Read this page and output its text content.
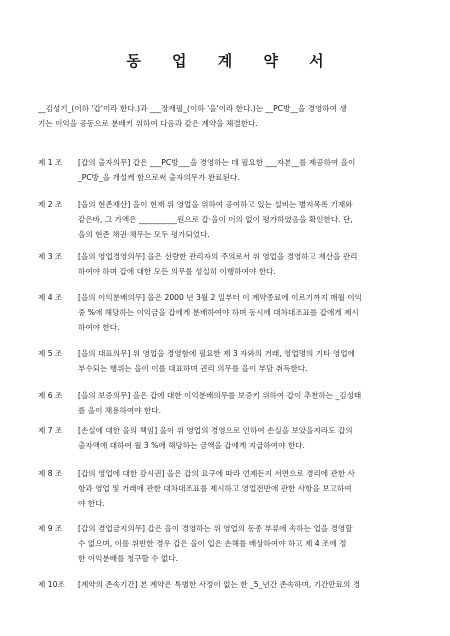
동 업 계 약 서
__김성기_(이하 '갑'이라 한다.)과 ___장재필_(이하 '을'이라 한다.)는 __PC방__을 경영하여 생
기는 이익을 공동으로 분배키 위하여 다음과 같은 계약을 체결한다.
제 1 조	[갑의 출자의무] 갑은 ___PC방___을 경영하는 데 필요한 ___자본__를 제공하여 을이
_PC방_을 개설케 함으로써 출자의무가 완료된다.
제 2 조	[을의 현존재산] 을이 현재 위 영업을 위하여 공여하고 있는 설비는 별지목록 기재와
같은바, 그 가액은 __________원으로 갑·을이 이의 없이 평가하였음을 확인한다. 단,
을의 현존 채권·채무는 모두 평가되었다.
제 3 조	[을의 영업경영의무] 을은 선량한 관리자의 주의로서 위 영업을 경영하고 재산을 관리
하여야 하며 갑에 대한 모든 의무를 성실히 이행하여야 한다.
제 4 조	[을의 이익분배의무] 을은 2000 년 3월 2 일부터 이 계약종료에 이르기까지 매월 이익
중 %에 해당하는 이익금을 갑에게 분배하여야 하며 동시에 대차대조표를 갑에게 제시
하여야 한다.
제 5 조	[을의 대표의무] 위 영업을 경영함에 필요한 제 3 자와의 거래, 영업명의 기타 영업에
부수되는 행위는 을이 이를 대표하며 권리 의무를 을이 부담 취득한다.
제 6 조	[을의 보증의무] 을은 갑에 대한 이익분배의무를 보증키 위하여 갑이 추천하는 _김성태
를 을이 채용하여야 한다.
제 7 조	[손실에 대한 을의 책임] 을이 위 영업의 경영으로 인하여 손실을 보았을지라도 갑의
출자액에 대하여 월 3 %에 해당하는 금액을 갑에게 지급하여야 한다.
제 8 조	[갑의 영업에 대한 감시권] 을은 갑의 요구에 따라 언제든지 서면으로 경리에 관한 사
항과 영업 및 거래에 관한 대차대조표를 제시하고 영업전반에 관한 사항을 보고하여
야 한다.
제 9 조	[갑의 겸업금지의무] 갑은 을이 경영하는 위 영업의 동종 부류에 속하는 업을 경영할
수 없으며, 이를 위반한 경우 갑은 을이 입은 손해를 배상하여야 하고 제 4 조에 정
한 이익분배를 청구할 수 없다.
제 10조	[계약의 존속기간] 본 계약은 특별한 사정이 없는 한 _5_년간 존속하며, 기간만료의 경
